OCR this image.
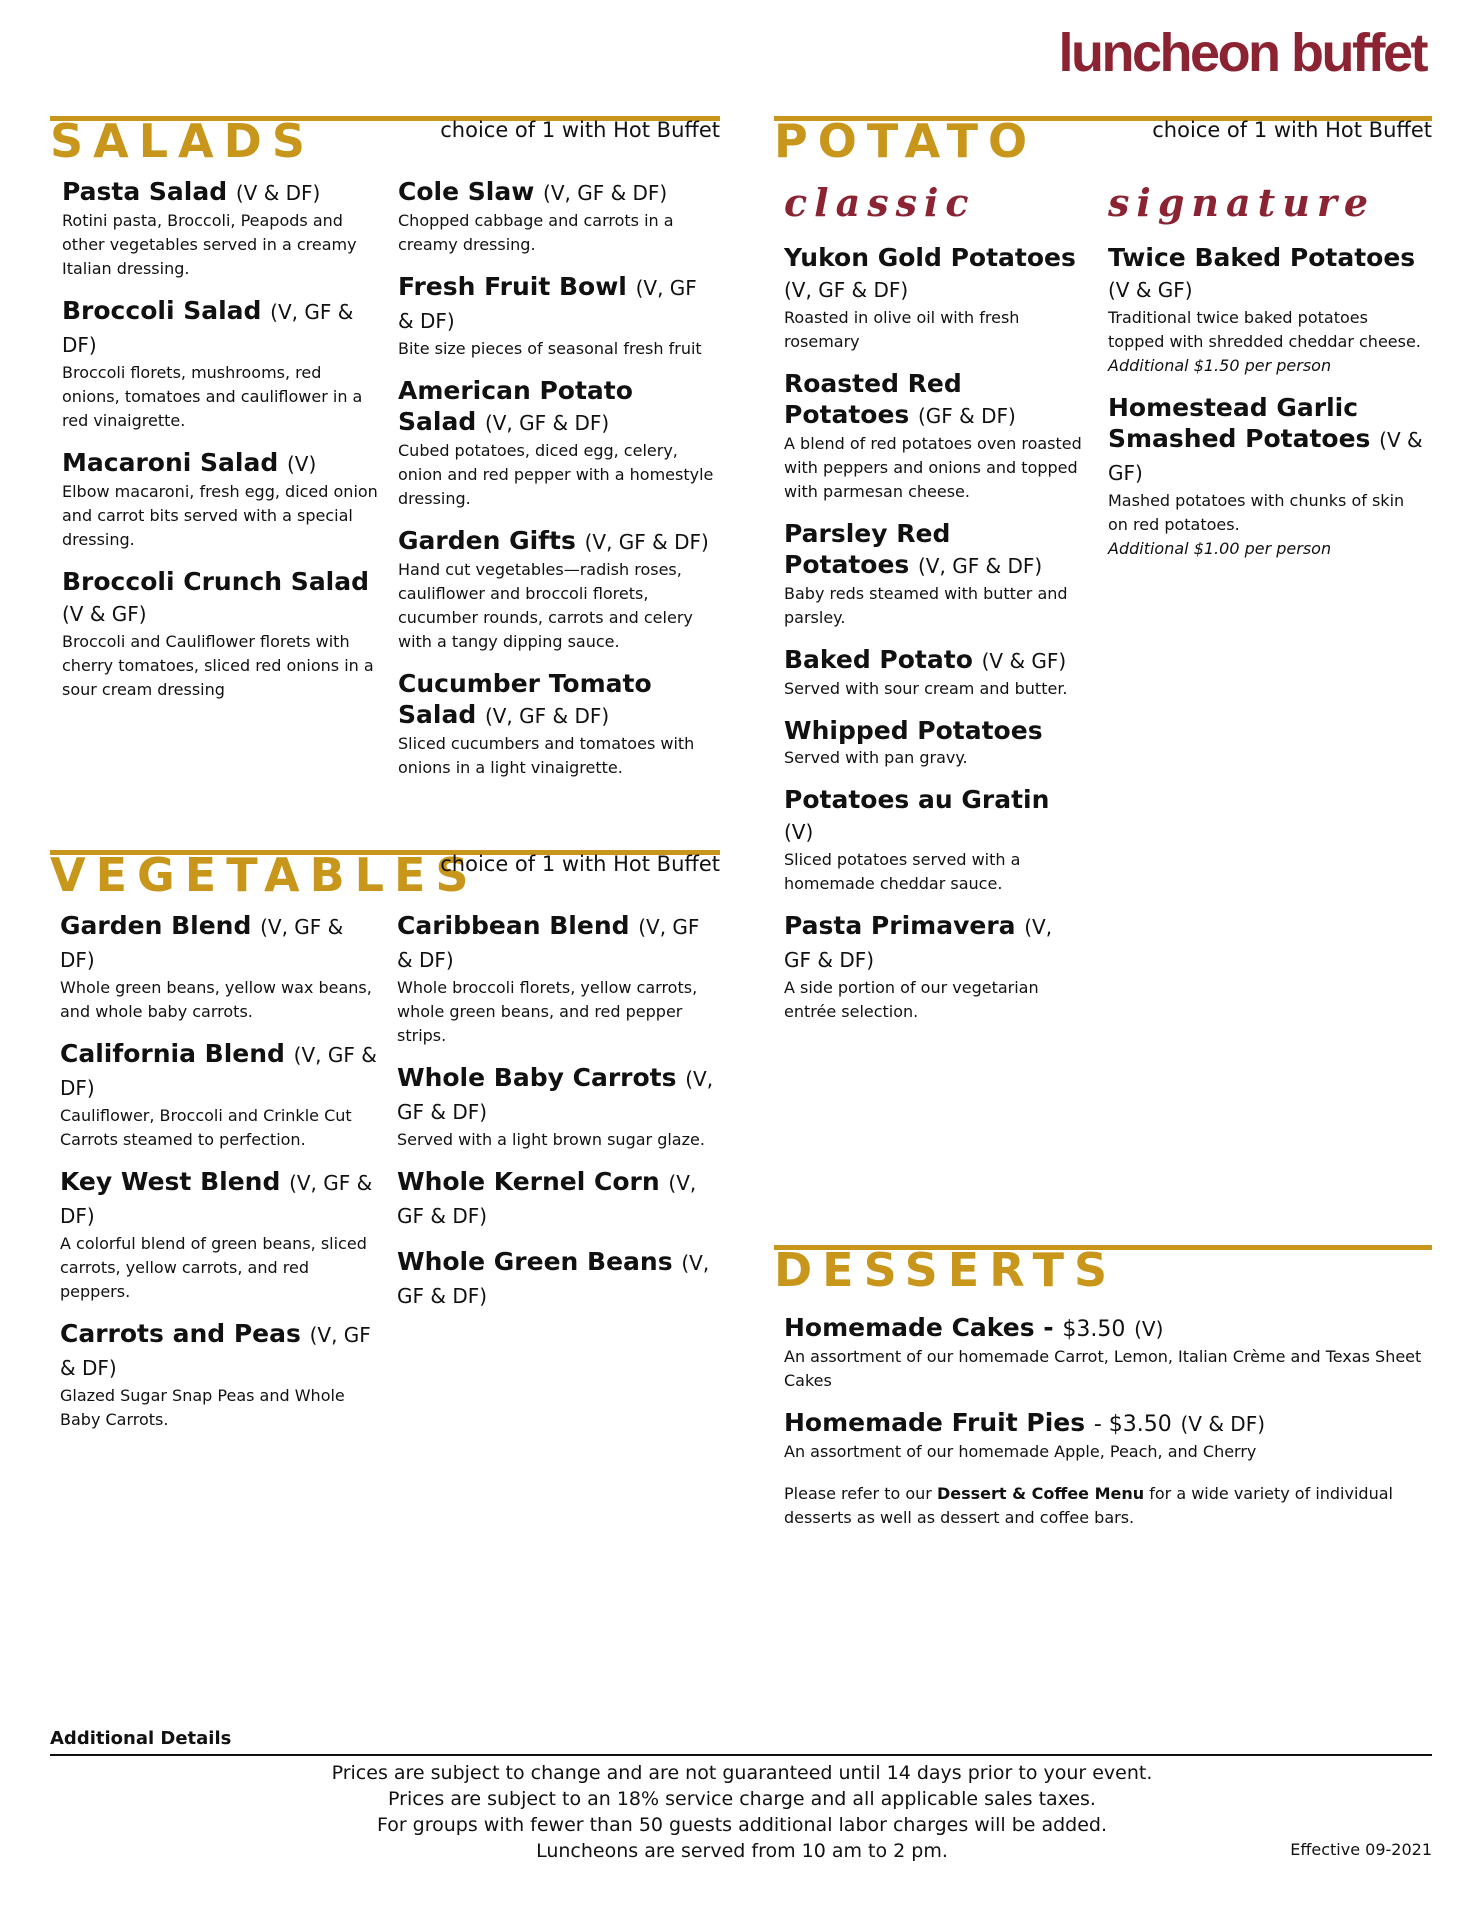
luncheon buffet
SALADS	choice of 1 with Hot Buffet
Pasta Salad (V & DF)
Rotini pasta, Broccoli, Peapods and other vegetables served in a creamy Italian dressing.
Broccoli Salad (V, GF & DF)
Broccoli florets, mushrooms, red onions, tomatoes and cauliflower in a red vinaigrette.
Macaroni Salad (V)
Elbow macaroni, fresh egg, diced onion and carrot bits served with a special dressing.
Broccoli Crunch Salad (V & GF)
Broccoli and Cauliflower florets with cherry tomatoes, sliced red onions in a sour cream dressing
Cole Slaw (V, GF & DF)
Chopped cabbage and carrots in a creamy dressing.
Fresh Fruit Bowl (V, GF & DF)
Bite size pieces of seasonal fresh fruit
American Potato Salad (V, GF & DF)
Cubed potatoes, diced egg, celery, onion and red pepper with a homestyle dressing.
Garden Gifts (V, GF & DF)
Hand cut vegetables—radish roses, cauliflower and broccoli florets, cucumber rounds, carrots and celery with a tangy dipping sauce.
Cucumber Tomato Salad (V, GF & DF)
Sliced cucumbers and tomatoes with onions in a light vinaigrette.
VEGETABLES
choice of 1 with Hot Buffet
Garden Blend (V, GF & DF)
Whole green beans, yellow wax beans, and whole baby carrots.
California Blend (V, GF & DF)
Cauliflower, Broccoli and Crinkle Cut Carrots steamed to perfection.
Key West Blend (V, GF & DF)
A colorful blend of green beans, sliced carrots, yellow carrots, and red peppers.
Carrots and Peas (V, GF & DF)
Glazed Sugar Snap Peas and Whole Baby Carrots.
Caribbean Blend (V, GF & DF)
Whole broccoli florets, yellow carrots, whole green beans, and red pepper strips.
Whole Baby Carrots (V, GF & DF)
Served with a light brown sugar glaze.
Whole Kernel Corn (V, GF & DF)
Whole Green Beans (V, GF & DF)
POTATO	choice of 1 with Hot Buffet
classic	signature
Yukon Gold Potatoes (V, GF & DF)
Roasted in olive oil with fresh rosemary
Roasted Red Potatoes (GF & DF)
A blend of red potatoes oven roasted with peppers and onions and topped with parmesan cheese.
Parsley Red Potatoes (V, GF & DF)
Baby reds steamed with butter and parsley.
Baked Potato (V & GF)
Served with sour cream and butter.
Whipped Potatoes
Served with pan gravy.
Potatoes au Gratin (V)
Sliced potatoes served with a homemade cheddar sauce.
Pasta Primavera (V, GF & DF)
A side portion of our vegetarian entrée selection.
Twice Baked Potatoes (V & GF)
Traditional twice baked potatoes topped with shredded cheddar cheese.
Additional $1.50 per person
Homestead Garlic Smashed Potatoes (V & GF)
Mashed potatoes with chunks of skin on red potatoes.
Additional $1.00 per person
DESSERTS
Homemade Cakes - $3.50 (V)
An assortment of our homemade Carrot, Lemon, Italian Crème and Texas Sheet Cakes
Homemade Fruit Pies - $3.50 (V & DF)
An assortment of our homemade Apple, Peach, and Cherry
Please refer to our Dessert & Coffee Menu for a wide variety of individual desserts as well as dessert and coffee bars.
Additional Details
Prices are subject to change and are not guaranteed until 14 days prior to your event.
Prices are subject to an 18% service charge and all applicable sales taxes.
For groups with fewer than 50 guests additional labor charges will be added.
Luncheons are served from 10 am to 2 pm.	Effective 09-2021
